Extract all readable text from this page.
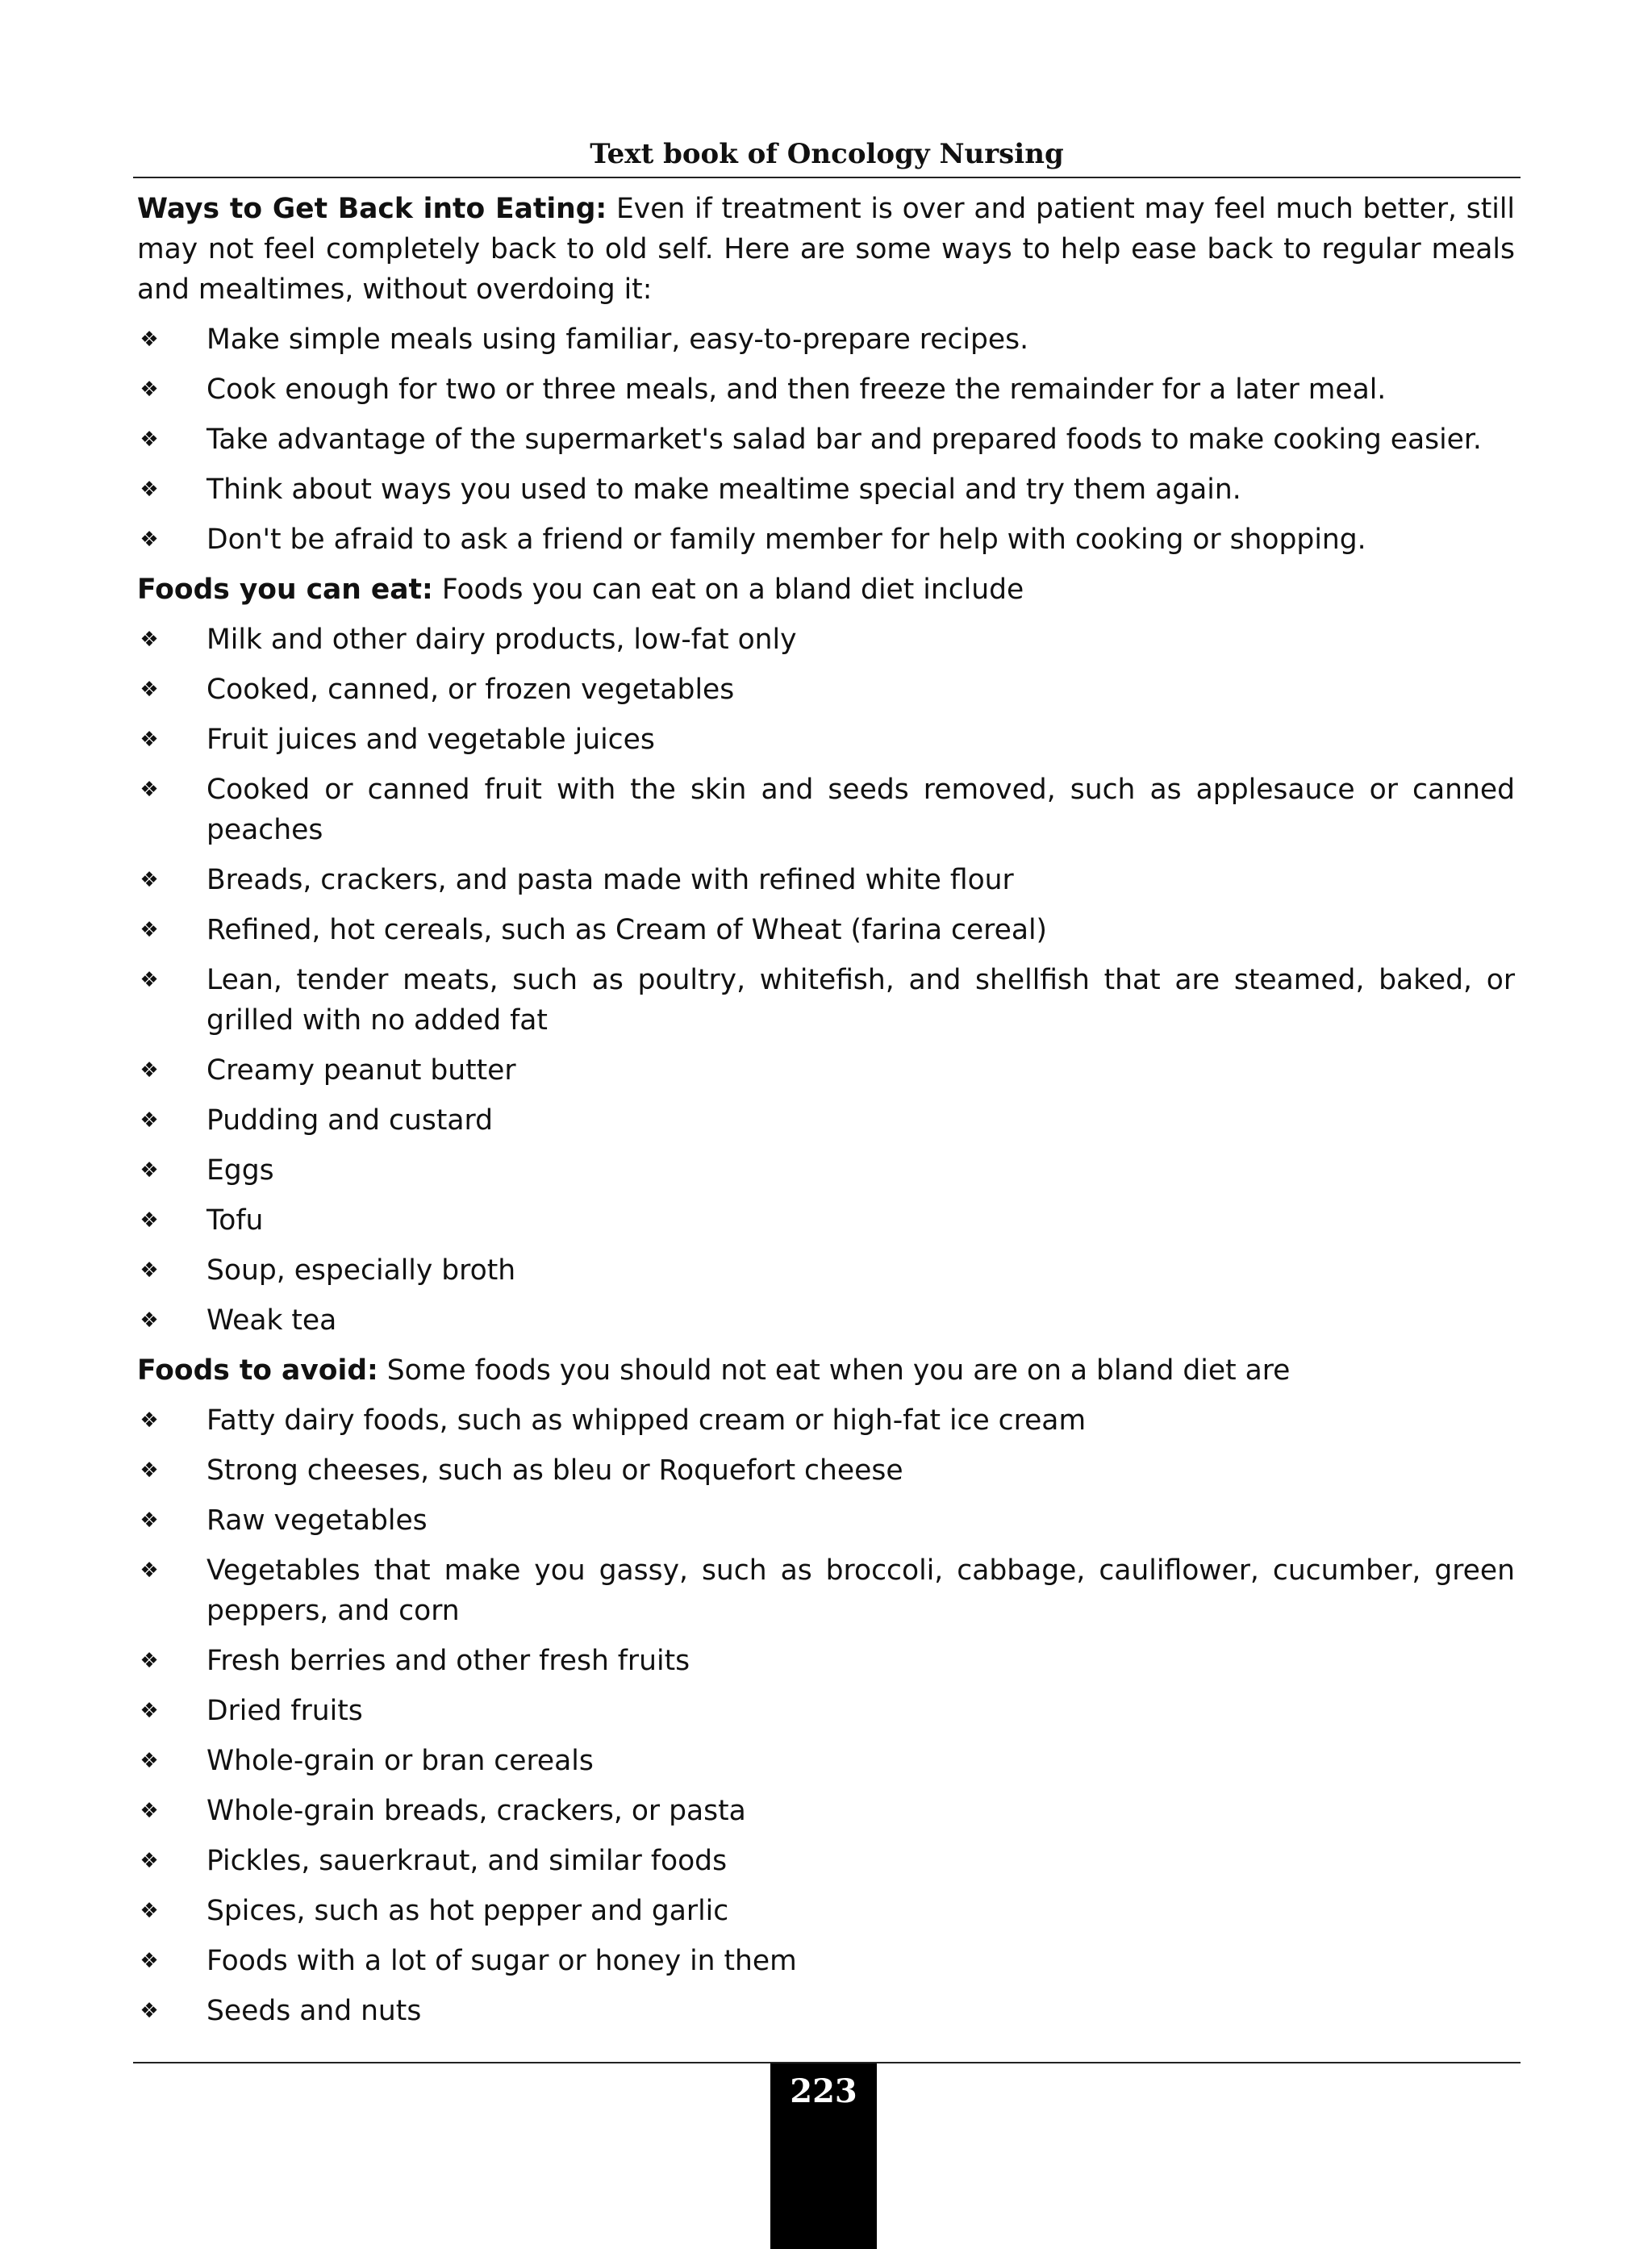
Text book of Oncology Nursing

Ways to Get Back into Eating: Even if treatment is over and patient may feel much better, still may not feel completely back to old self. Here are some ways to help ease back to regular meals and mealtimes, without overdoing it:

❖ Make simple meals using familiar, easy-to-prepare recipes.
❖ Cook enough for two or three meals, and then freeze the remainder for a later meal.
❖ Take advantage of the supermarket's salad bar and prepared foods to make cooking easier.
❖ Think about ways you used to make mealtime special and try them again.
❖ Don't be afraid to ask a friend or family member for help with cooking or shopping.

Foods you can eat: Foods you can eat on a bland diet include

❖ Milk and other dairy products, low-fat only
❖ Cooked, canned, or frozen vegetables
❖ Fruit juices and vegetable juices
❖ Cooked or canned fruit with the skin and seeds removed, such as applesauce or canned peaches
❖ Breads, crackers, and pasta made with refined white flour
❖ Refined, hot cereals, such as Cream of Wheat (farina cereal)
❖ Lean, tender meats, such as poultry, whitefish, and shellfish that are steamed, baked, or grilled with no added fat
❖ Creamy peanut butter
❖ Pudding and custard
❖ Eggs
❖ Tofu
❖ Soup, especially broth
❖ Weak tea

Foods to avoid: Some foods you should not eat when you are on a bland diet are

❖ Fatty dairy foods, such as whipped cream or high-fat ice cream
❖ Strong cheeses, such as bleu or Roquefort cheese
❖ Raw vegetables
❖ Vegetables that make you gassy, such as broccoli, cabbage, cauliflower, cucumber, green peppers, and corn
❖ Fresh berries and other fresh fruits
❖ Dried fruits
❖ Whole-grain or bran cereals
❖ Whole-grain breads, crackers, or pasta
❖ Pickles, sauerkraut, and similar foods
❖ Spices, such as hot pepper and garlic
❖ Foods with a lot of sugar or honey in them
❖ Seeds and nuts
223
